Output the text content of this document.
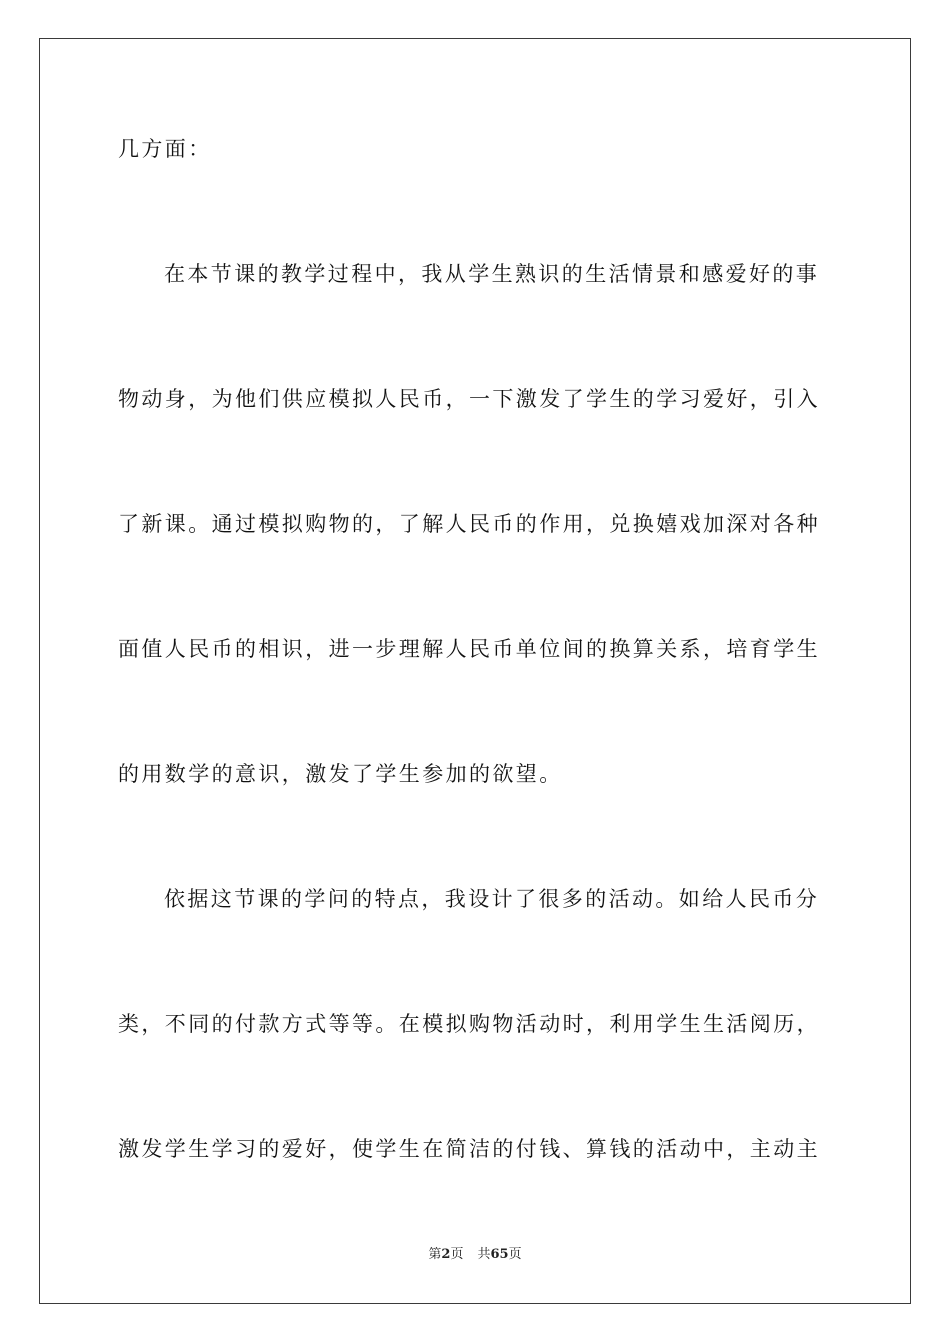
几方面：

在本节课的教学过程中，我从学生熟识的生活情景和感爱好的事

物动身，为他们供应模拟人民币，一下激发了学生的学习爱好，引入

了新课。通过模拟购物的，了解人民币的作用，兑换嬉戏加深对各种

面值人民币的相识，进一步理解人民币单位间的换算关系，培育学生

的用数学的意识，激发了学生参加的欲望。

依据这节课的学问的特点，我设计了很多的活动。如给人民币分

类，不同的付款方式等等。在模拟购物活动时，利用学生生活阅历，

激发学生学习的爱好，使学生在简洁的付钱、算钱的活动中，主动主

第2页 共65页
